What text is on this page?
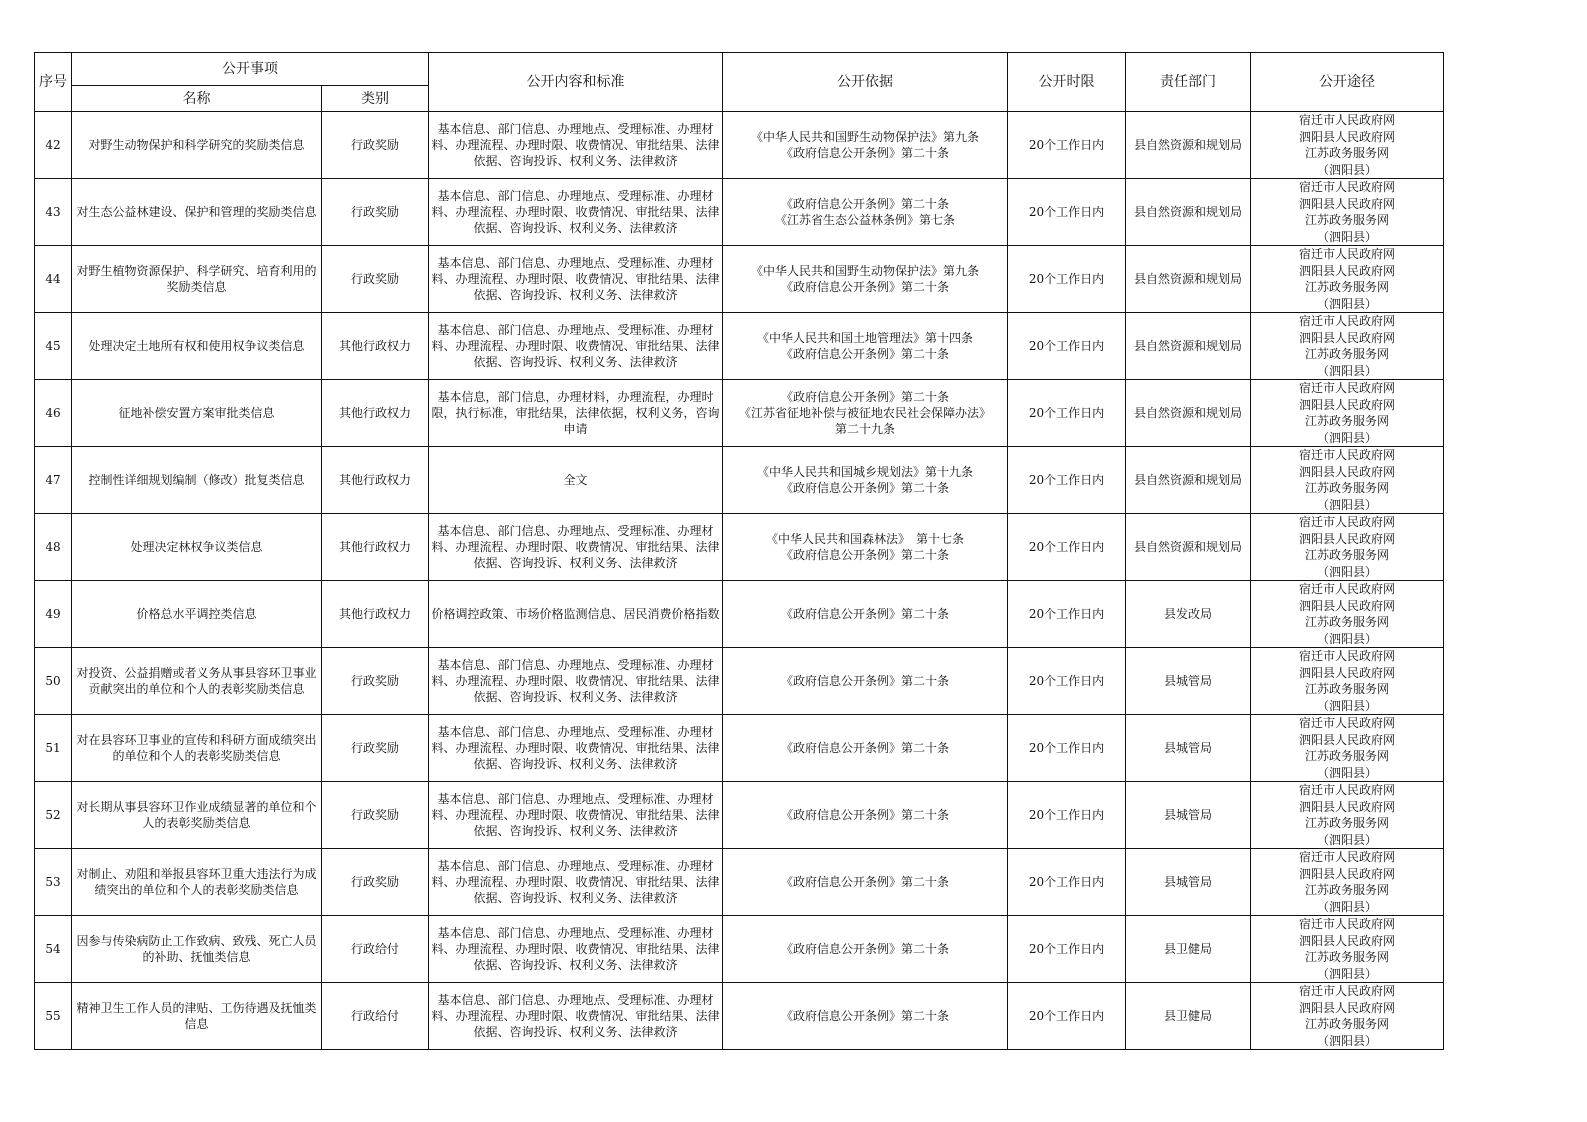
序号	公开事项		公开内容和标准	公开依据	公开时限	责任部门	公开途径
	名称	类别					
42	对野生动物保护和科学研究的奖励类信息	行政奖励	基本信息、部门信息、办理地点、受理标准、办理材料、办理流程、办理时限、收费情况、审批结果、法律依据、咨询投诉、权利义务、法律救济	《中华人民共和国野生动物保护法》第九条
《政府信息公开条例》第二十条	20个工作日内	县自然资源和规划局	宿迁市人民政府网
泗阳县人民政府网
江苏政务服务网
（泗阳县）

43	对生态公益林建设、保护和管理的奖励类信息	行政奖励	基本信息、部门信息、办理地点、受理标准、办理材料、办理流程、办理时限、收费情况、审批结果、法律依据、咨询投诉、权利义务、法律救济	《政府信息公开条例》第二十条
《江苏省生态公益林条例》第七条	20个工作日内	县自然资源和规划局	宿迁市人民政府网
泗阳县人民政府网
江苏政务服务网
（泗阳县）

44	对野生植物资源保护、科学研究、培育利用的奖励类信息	行政奖励	基本信息、部门信息、办理地点、受理标准、办理材料、办理流程、办理时限、收费情况、审批结果、法律依据、咨询投诉、权利义务、法律救济	《中华人民共和国野生动物保护法》第九条
《政府信息公开条例》第二十条	20个工作日内	县自然资源和规划局	宿迁市人民政府网
泗阳县人民政府网
江苏政务服务网
（泗阳县）

45	处理决定土地所有权和使用权争议类信息	其他行政权力	基本信息、部门信息、办理地点、受理标准、办理材料、办理流程、办理时限、收费情况、审批结果、法律依据、咨询投诉、权利义务、法律救济	《中华人民共和国土地管理法》第十四条
《政府信息公开条例》第二十条	20个工作日内	县自然资源和规划局	宿迁市人民政府网
泗阳县人民政府网
江苏政务服务网
（泗阳县）

46	征地补偿安置方案审批类信息	其他行政权力	基本信息，部门信息，办理材料，办理流程，办理时限，执行标准，审批结果，法律依据，权利义务，咨询申请	《政府信息公开条例》第二十条
《江苏省征地补偿与被征地农民社会保障办法》
第二十九条	20个工作日内	县自然资源和规划局	宿迁市人民政府网
泗阳县人民政府网
江苏政务服务网
（泗阳县）

47	控制性详细规划编制（修改）批复类信息	其他行政权力	全文	《中华人民共和国城乡规划法》第十九条
《政府信息公开条例》第二十条	20个工作日内	县自然资源和规划局	宿迁市人民政府网
泗阳县人民政府网
江苏政务服务网
（泗阳县）

48	处理决定林权争议类信息	其他行政权力	基本信息、部门信息、办理地点、受理标准、办理材料、办理流程、办理时限、收费情况、审批结果、法律依据、咨询投诉、权利义务、法律救济	《中华人民共和国森林法》　第十七条
《政府信息公开条例》第二十条	20个工作日内	县自然资源和规划局	宿迁市人民政府网
泗阳县人民政府网
江苏政务服务网
（泗阳县）

49	价格总水平调控类信息	其他行政权力	价格调控政策、市场价格监测信息、居民消费价格指数	《政府信息公开条例》第二十条	20个工作日内	县发改局	宿迁市人民政府网
泗阳县人民政府网
江苏政务服务网
（泗阳县）

50	对投资、公益捐赠或者义务从事县容环卫事业贡献突出的单位和个人的表彰奖励类信息	行政奖励	基本信息、部门信息、办理地点、受理标准、办理材料、办理流程、办理时限、收费情况、审批结果、法律依据、咨询投诉、权利义务、法律救济	《政府信息公开条例》第二十条	20个工作日内	县城管局	宿迁市人民政府网
泗阳县人民政府网
江苏政务服务网
（泗阳县）

51	对在县容环卫事业的宣传和科研方面成绩突出的单位和个人的表彰奖励类信息	行政奖励	基本信息、部门信息、办理地点、受理标准、办理材料、办理流程、办理时限、收费情况、审批结果、法律依据、咨询投诉、权利义务、法律救济	《政府信息公开条例》第二十条	20个工作日内	县城管局	宿迁市人民政府网
泗阳县人民政府网
江苏政务服务网
（泗阳县）

52	对长期从事县容环卫作业成绩显著的单位和个人的表彰奖励类信息	行政奖励	基本信息、部门信息、办理地点、受理标准、办理材料、办理流程、办理时限、收费情况、审批结果、法律依据、咨询投诉、权利义务、法律救济	《政府信息公开条例》第二十条	20个工作日内	县城管局	宿迁市人民政府网
泗阳县人民政府网
江苏政务服务网
（泗阳县）

53	对制止、劝阻和举报县容环卫重大违法行为成绩突出的单位和个人的表彰奖励类信息	行政奖励	基本信息、部门信息、办理地点、受理标准、办理材料、办理流程、办理时限、收费情况、审批结果、法律依据、咨询投诉、权利义务、法律救济	《政府信息公开条例》第二十条	20个工作日内	县城管局	宿迁市人民政府网
泗阳县人民政府网
江苏政务服务网
（泗阳县）

54	因参与传染病防止工作致病、致残、死亡人员的补助、抚恤类信息	行政给付	基本信息、部门信息、办理地点、受理标准、办理材料、办理流程、办理时限、收费情况、审批结果、法律依据、咨询投诉、权利义务、法律救济	《政府信息公开条例》第二十条	20个工作日内	县卫健局	宿迁市人民政府网
泗阳县人民政府网
江苏政务服务网
（泗阳县）

55	精神卫生工作人员的津贴、工伤待遇及抚恤类信息	行政给付	基本信息、部门信息、办理地点、受理标准、办理材料、办理流程、办理时限、收费情况、审批结果、法律依据、咨询投诉、权利义务、法律救济	《政府信息公开条例》第二十条	20个工作日内	县卫健局	宿迁市人民政府网
泗阳县人民政府网
江苏政务服务网
（泗阳县）
